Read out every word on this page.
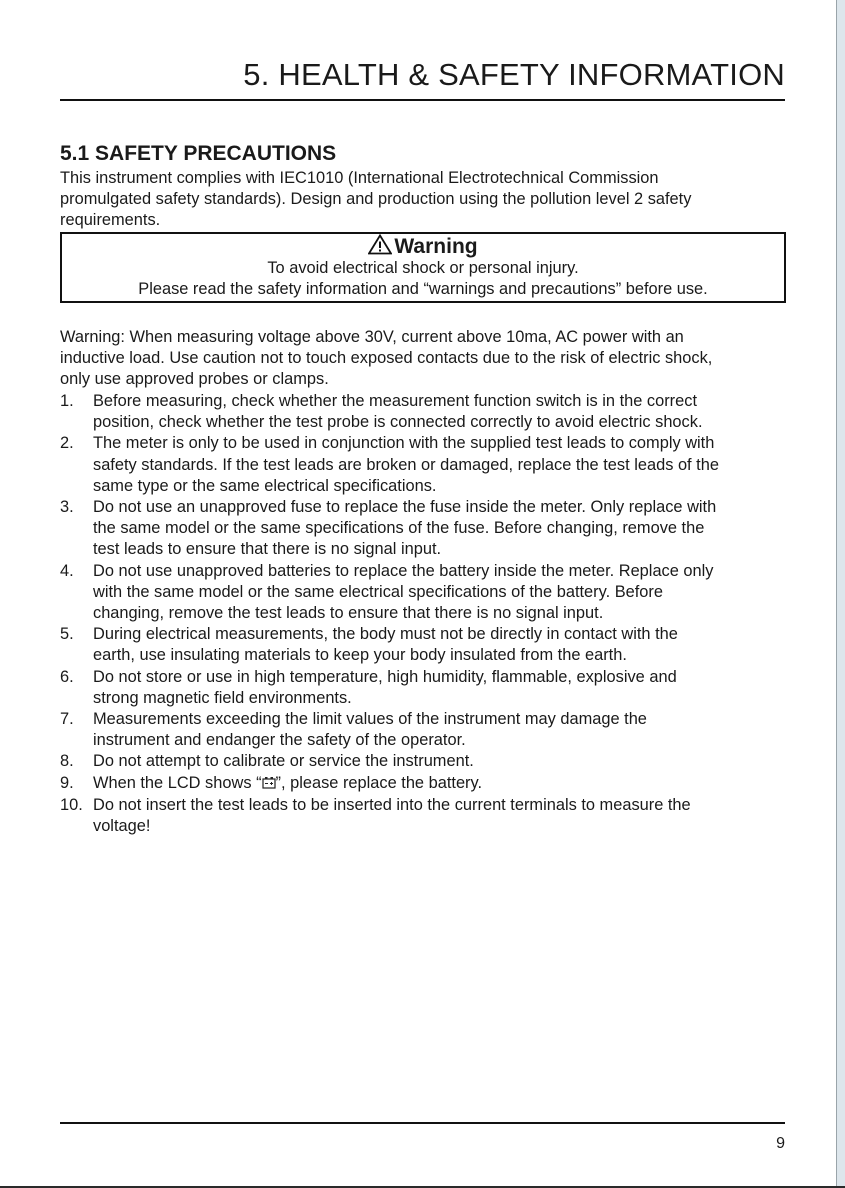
5. HEALTH & SAFETY INFORMATION
5.1 SAFETY PRECAUTIONS
This instrument complies with IEC1010 (International Electrotechnical Commission
promulgated safety standards). Design and production using the pollution level 2 safety
requirements.
Warning
To avoid electrical shock or personal injury.
Please read the safety information and “warnings and precautions” before use.
Warning: When measuring voltage above 30V, current above 10ma, AC power with an
inductive load. Use caution not to touch exposed contacts due to the risk of electric shock,
only use approved probes or clamps.
1. Before measuring, check whether the measurement function switch is in the correct
position, check whether the test probe is connected correctly to avoid electric shock.
2. The meter is only to be used in conjunction with the supplied test leads to comply with
safety standards. If the test leads are broken or damaged, replace the test leads of the
same type or the same electrical specifications.
3. Do not use an unapproved fuse to replace the fuse inside the meter. Only replace with
the same model or the same specifications of the fuse. Before changing, remove the
test leads to ensure that there is no signal input.
4. Do not use unapproved batteries to replace the battery inside the meter. Replace only
with the same model or the same electrical specifications of the battery. Before
changing, remove the test leads to ensure that there is no signal input.
5. During electrical measurements, the body must not be directly in contact with the
earth, use insulating materials to keep your body insulated from the earth.
6. Do not store or use in high temperature, high humidity, flammable, explosive and
strong magnetic field environments.
7. Measurements exceeding the limit values of the instrument may damage the
instrument and endanger the safety of the operator.
8. Do not attempt to calibrate or service the instrument.
9. When the LCD shows “ ”, please replace the battery.
10. Do not insert the test leads to be inserted into the current terminals to measure the
voltage!
9
